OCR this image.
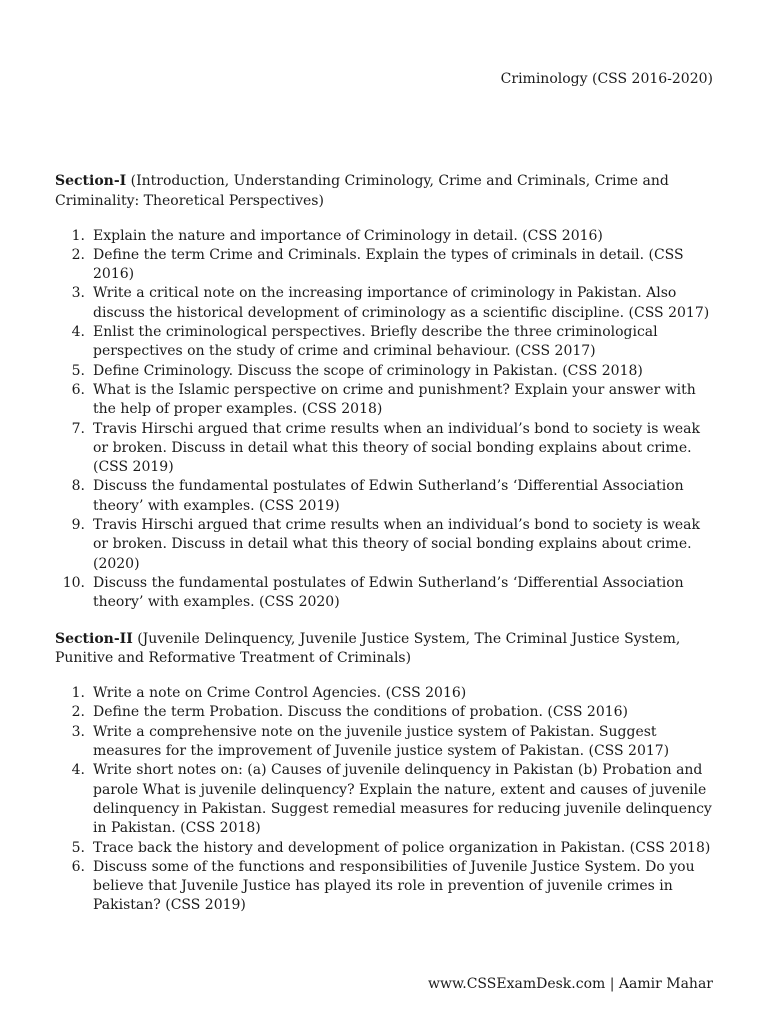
Criminology (CSS 2016-2020)

Section-I (Introduction, Understanding Criminology, Crime and Criminals, Crime and Criminality: Theoretical Perspectives)

1. Explain the nature and importance of Criminology in detail. (CSS 2016)
2. Define the term Crime and Criminals. Explain the types of criminals in detail. (CSS 2016)
3. Write a critical note on the increasing importance of criminology in Pakistan. Also discuss the historical development of criminology as a scientific discipline. (CSS 2017)
4. Enlist the criminological perspectives. Briefly describe the three criminological perspectives on the study of crime and criminal behaviour. (CSS 2017)
5. Define Criminology. Discuss the scope of criminology in Pakistan. (CSS 2018)
6. What is the Islamic perspective on crime and punishment? Explain your answer with the help of proper examples. (CSS 2018)
7. Travis Hirschi argued that crime results when an individual’s bond to society is weak or broken. Discuss in detail what this theory of social bonding explains about crime. (CSS 2019)
8. Discuss the fundamental postulates of Edwin Sutherland’s ‘Differential Association theory’ with examples. (CSS 2019)
9. Travis Hirschi argued that crime results when an individual’s bond to society is weak or broken. Discuss in detail what this theory of social bonding explains about crime. (2020)
10. Discuss the fundamental postulates of Edwin Sutherland’s ‘Differential Association theory’ with examples. (CSS 2020)

Section-II (Juvenile Delinquency, Juvenile Justice System, The Criminal Justice System, Punitive and Reformative Treatment of Criminals)

1. Write a note on Crime Control Agencies. (CSS 2016)
2. Define the term Probation. Discuss the conditions of probation. (CSS 2016)
3. Write a comprehensive note on the juvenile justice system of Pakistan. Suggest measures for the improvement of Juvenile justice system of Pakistan. (CSS 2017)
4. Write short notes on: (a) Causes of juvenile delinquency in Pakistan (b) Probation and parole What is juvenile delinquency? Explain the nature, extent and causes of juvenile delinquency in Pakistan. Suggest remedial measures for reducing juvenile delinquency in Pakistan. (CSS 2018)
5. Trace back the history and development of police organization in Pakistan. (CSS 2018)
6. Discuss some of the functions and responsibilities of Juvenile Justice System. Do you believe that Juvenile Justice has played its role in prevention of juvenile crimes in Pakistan? (CSS 2019)
www.CSSExamDesk.com | Aamir Mahar
